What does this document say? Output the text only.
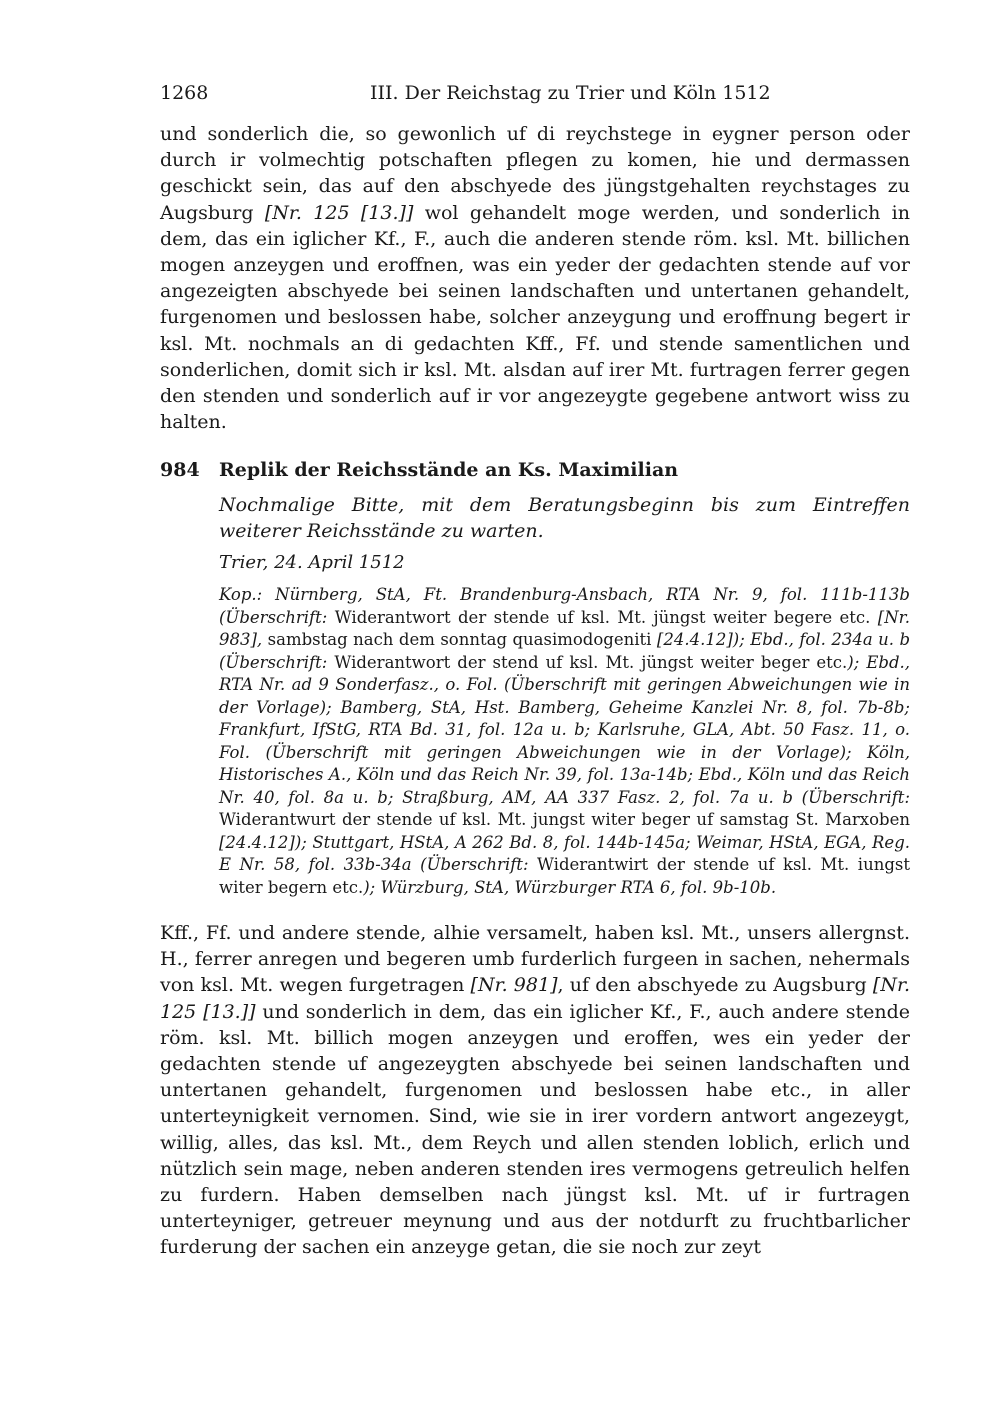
1268	III. Der Reichstag zu Trier und Köln 1512
und sonderlich die, so gewonlich uf di reychstege in eygner person oder durch ir volmechtig potschaften pflegen zu komen, hie und dermassen geschickt sein, das auf den abschyede des jüngstgehalten reychstages zu Augsburg [Nr. 125 [13.]] wol gehandelt moge werden, und sonderlich in dem, das ein iglicher Kf., F., auch die anderen stende röm. ksl. Mt. billichen mogen anzeygen und eroffnen, was ein yeder der gedachten stende auf vor angezeigten abschyede bei seinen landschaften und untertanen gehandelt, furgenomen und beslossen habe, solcher anzeygung und eroffnung begert ir ksl. Mt. nochmals an di gedachten Kff., Ff. und stende samentlichen und sonderlichen, domit sich ir ksl. Mt. alsdan auf irer Mt. furtragen ferrer gegen den stenden und sonderlich auf ir vor angezeygte gegebene antwort wiss zu halten.
984 Replik der Reichsstände an Ks. Maximilian
Nochmalige Bitte, mit dem Beratungsbeginn bis zum Eintreffen weiterer Reichsstände zu warten.
Trier, 24. April 1512
Kop.: Nürnberg, StA, Ft. Brandenburg-Ansbach, RTA Nr. 9, fol. 111b-113b (Überschrift: Widerantwort der stende uf ksl. Mt. jüngst weiter begere etc. [Nr. 983], sambstag nach dem sonntag quasimodogeniti [24.4.12]); Ebd., fol. 234a u. b (Überschrift: Widerantwort der stend uf ksl. Mt. jüngst weiter beger etc.); Ebd., RTA Nr. ad 9 Sonderfasz., o. Fol. (Überschrift mit geringen Abweichungen wie in der Vorlage); Bamberg, StA, Hst. Bamberg, Geheime Kanzlei Nr. 8, fol. 7b-8b; Frankfurt, IfStG, RTA Bd. 31, fol. 12a u. b; Karlsruhe, GLA, Abt. 50 Fasz. 11, o. Fol. (Überschrift mit geringen Abweichungen wie in der Vorlage); Köln, Historisches A., Köln und das Reich Nr. 39, fol. 13a-14b; Ebd., Köln und das Reich Nr. 40, fol. 8a u. b; Straßburg, AM, AA 337 Fasz. 2, fol. 7a u. b (Überschrift: Widerantwurt der stende uf ksl. Mt. jungst witer beger uf samstag St. Marxoben [24.4.12]); Stuttgart, HStA, A 262 Bd. 8, fol. 144b-145a; Weimar, HStA, EGA, Reg. E Nr. 58, fol. 33b-34a (Überschrift: Widerantwirt der stende uf ksl. Mt. iungst witer begern etc.); Würzburg, StA, Würzburger RTA 6, fol. 9b-10b.
Kff., Ff. und andere stende, alhie versamelt, haben ksl. Mt., unsers allergnst. H., ferrer anregen und begeren umb furderlich furgeen in sachen, nehermals von ksl. Mt. wegen furgetragen [Nr. 981], uf den abschyede zu Augsburg [Nr. 125 [13.]] und sonderlich in dem, das ein iglicher Kf., F., auch andere stende röm. ksl. Mt. billich mogen anzeygen und eroffen, wes ein yeder der gedachten stende uf angezeygten abschyede bei seinen landschaften und untertanen gehandelt, furgenomen und beslossen habe etc., in aller unterteynigkeit vernomen. Sind, wie sie in irer vordern antwort angezeygt, willig, alles, das ksl. Mt., dem Reych und allen stenden loblich, erlich und nützlich sein mage, neben anderen stenden ires vermogens getreulich helfen zu furdern. Haben demselben nach jüngst ksl. Mt. uf ir furtragen unterteyniger, getreuer meynung und aus der notdurft zu fruchtbarlicher furderung der sachen ein anzeyge getan, die sie noch zur zeyt
